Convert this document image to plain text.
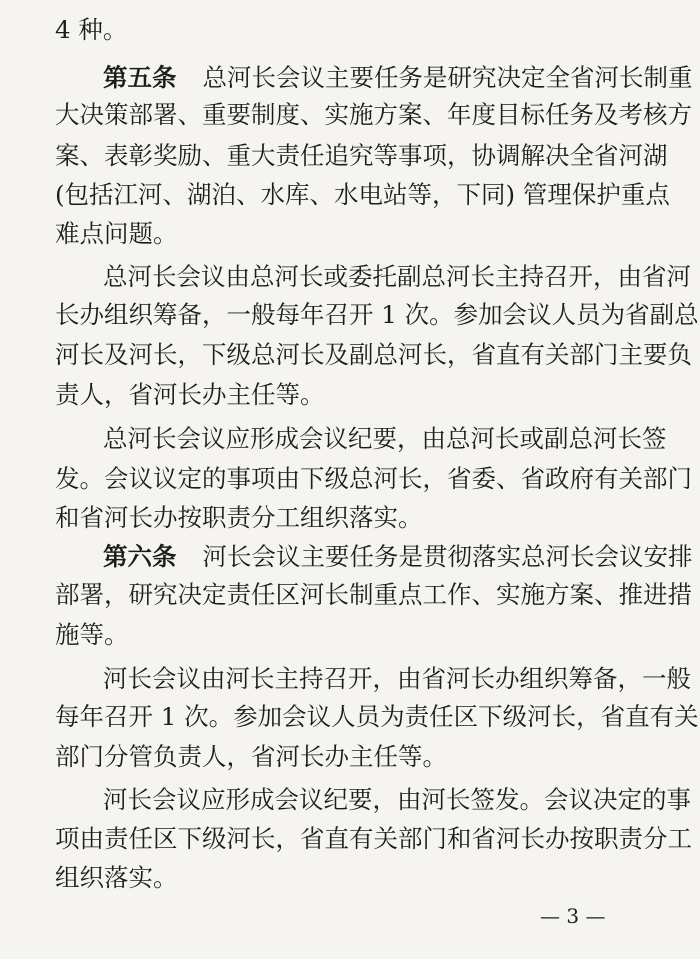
4 种。
第五条 总河长会议主要任务是研究决定全省河长制重
大决策部署、重要制度、实施方案、年度目标任务及考核方
案、表彰奖励、重大责任追究等事项，协调解决全省河湖
(包括江河、湖泊、水库、水电站等，下同) 管理保护重点
难点问题。
总河长会议由总河长或委托副总河长主持召开，由省河
长办组织筹备，一般每年召开 1 次。参加会议人员为省副总
河长及河长，下级总河长及副总河长，省直有关部门主要负
责人，省河长办主任等。
总河长会议应形成会议纪要，由总河长或副总河长签
发。会议议定的事项由下级总河长，省委、省政府有关部门
和省河长办按职责分工组织落实。
第六条 河长会议主要任务是贯彻落实总河长会议安排
部署，研究决定责任区河长制重点工作、实施方案、推进措
施等。
河长会议由河长主持召开，由省河长办组织筹备，一般
每年召开 1 次。参加会议人员为责任区下级河长，省直有关
部门分管负责人，省河长办主任等。
河长会议应形成会议纪要，由河长签发。会议决定的事
项由责任区下级河长，省直有关部门和省河长办按职责分工
组织落实。
— 3 —
